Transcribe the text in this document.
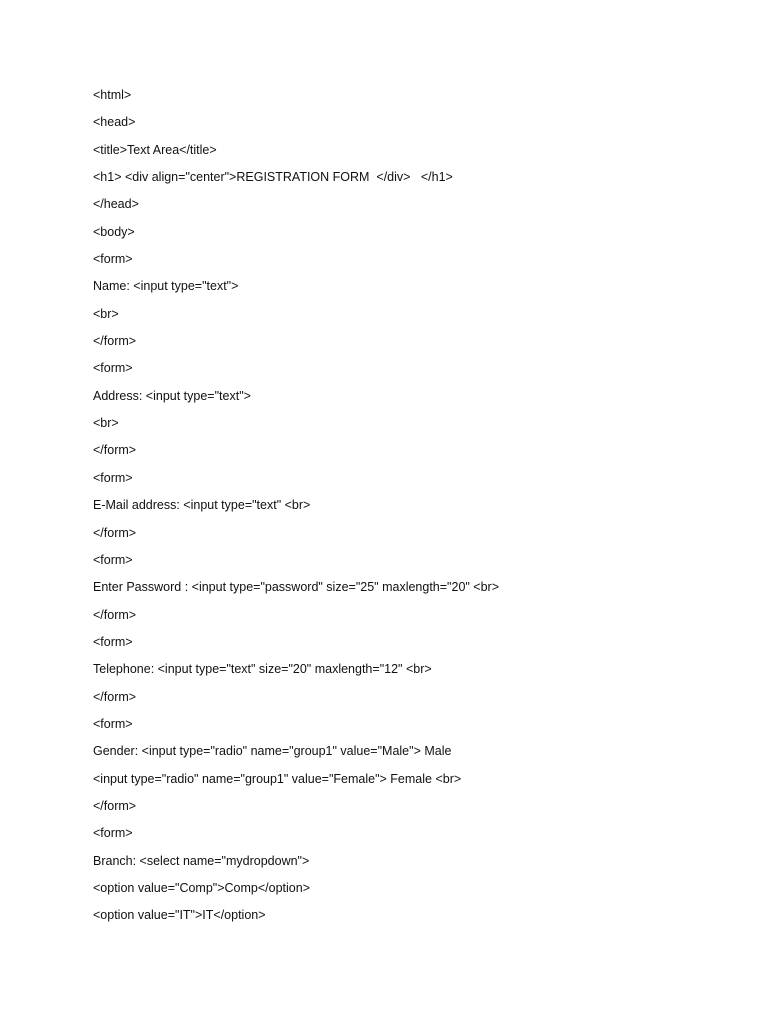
<html>
<head>
<title>Text Area</title>
<h1> <div align="center">REGISTRATION FORM  </div>   </h1>
</head>
<body>
<form>
Name: <input type="text">
<br>
</form>
<form>
Address: <input type="text">
<br>
</form>
<form>
E-Mail address: <input type="text" <br>
</form>
<form>
Enter Password : <input type="password" size="25" maxlength="20" <br>
</form>
<form>
Telephone: <input type="text" size="20" maxlength="12" <br>
</form>
<form>
Gender: <input type="radio" name="group1" value="Male"> Male
<input type="radio" name="group1" value="Female"> Female <br>
</form>
<form>
Branch: <select name="mydropdown">
<option value="Comp">Comp</option>
<option value="IT">IT</option>
